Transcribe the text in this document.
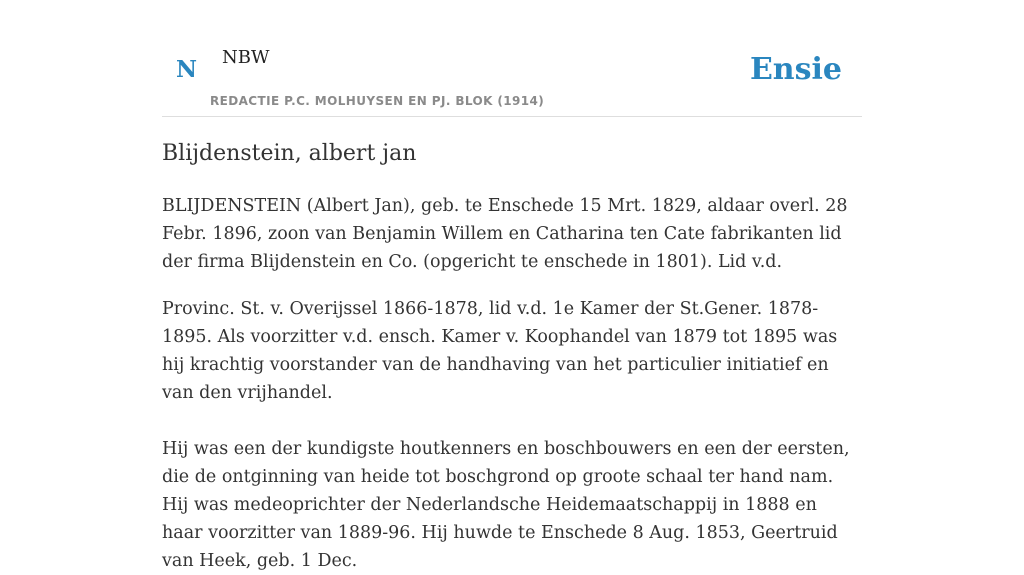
N NBW
REDACTIE P.C. MOLHUYSEN EN PJ. BLOK (1914)
Ensie
Blijdenstein, albert jan

BLIJDENSTEIN (Albert Jan), geb. te Enschede 15 Mrt. 1829, aldaar overl. 28 Febr. 1896, zoon van Benjamin Willem en Catharina ten Cate fabrikanten lid der firma Blijdenstein en Co. (opgericht te enschede in 1801). Lid v.d.

Provinc. St. v. Overijssel 1866-1878, lid v.d. 1e Kamer der St.Gener. 1878-1895. Als voorzitter v.d. ensch. Kamer v. Koophandel van 1879 tot 1895 was hij krachtig voorstander van de handhaving van het particulier initiatief en van den vrijhandel.

Hij was een der kundigste houtkenners en boschbouwers en een der eersten, die de ontginning van heide tot boschgrond op groote schaal ter hand nam. Hij was medeoprichter der Nederlandsche Heidemaatschappij in 1888 en haar voorzitter van 1889-96. Hij huwde te Enschede 8 Aug. 1853, Geertruid van Heek, geb. 1 Dec.
